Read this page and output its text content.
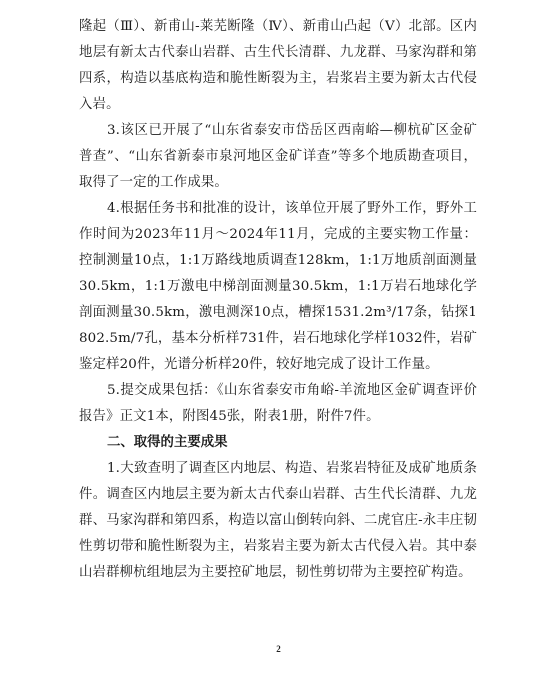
隆起（Ⅲ）、新甫山-莱芜断隆（Ⅳ）、新甫山凸起（Ⅴ）北部。区内地层有新太古代泰山岩群、古生代长清群、九龙群、马家沟群和第四系，构造以基底构造和脆性断裂为主，岩浆岩主要为新太古代侵入岩。

3.该区已开展了“山东省泰安市岱岳区西南峪—柳杭矿区金矿普查”、“山东省新泰市泉河地区金矿详查”等多个地质勘查项目，取得了一定的工作成果。

4.根据任务书和批准的设计，该单位开展了野外工作，野外工作时间为2023年11月～2024年11月，完成的主要实物工作量：控制测量10点，1:1万路线地质调查128km，1:1万地质剖面测量30.5km，1:1万激电中梯剖面测量30.5km，1:1万岩石地球化学剖面测量30.5km，激电测深10点，槽探1531.2m³/17条，钻探1802.5m/7孔，基本分析样731件，岩石地球化学样1032件，岩矿鉴定样20件，光谱分析样20件，较好地完成了设计工作量。

5.提交成果包括：《山东省泰安市角峪-羊流地区金矿调查评价报告》正文1本，附图45张，附表1册，附件7件。

二、取得的主要成果

1.大致查明了调查区内地层、构造、岩浆岩特征及成矿地质条件。调查区内地层主要为新太古代泰山岩群、古生代长清群、九龙群、马家沟群和第四系，构造以富山倒转向斜、二虎官庄-永丰庄韧性剪切带和脆性断裂为主，岩浆岩主要为新太古代侵入岩。其中泰山岩群柳杭组地层为主要控矿地层，韧性剪切带为主要控矿构造。

2
